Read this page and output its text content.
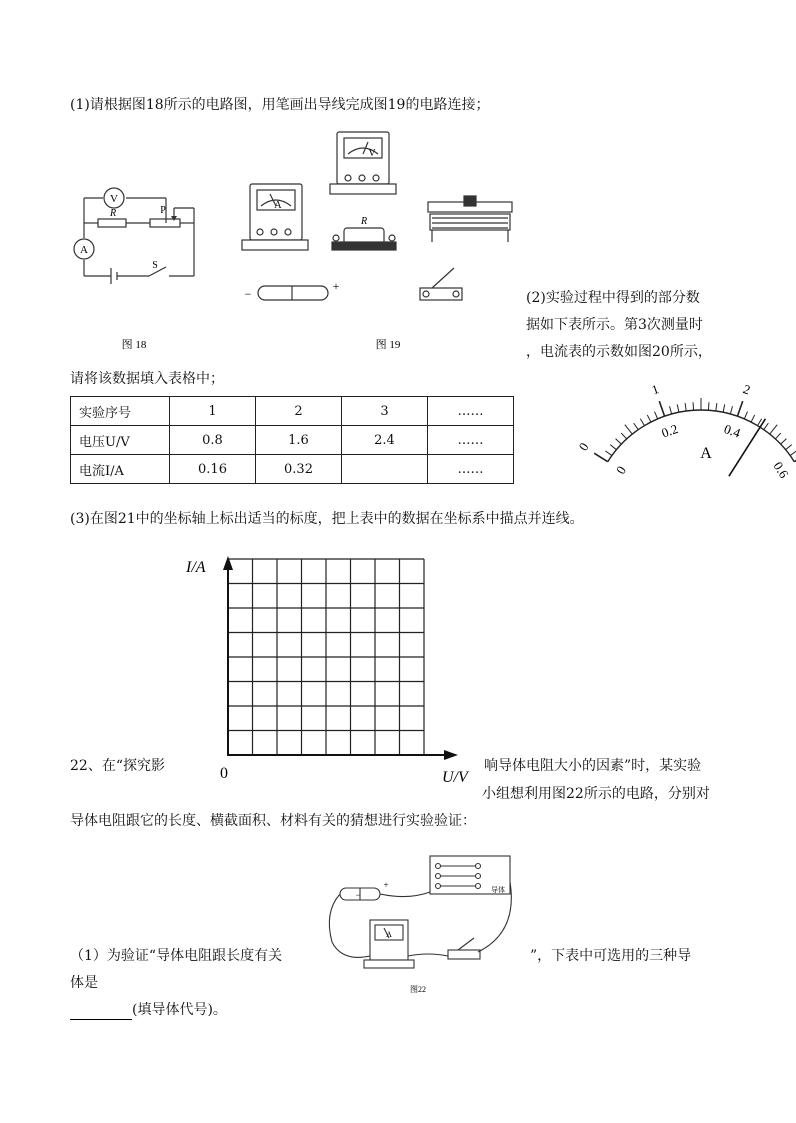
(1)请根据图18所示的电路图，用笔画出导线完成图19的电路连接；
V
A
R	P
S
图 18
V
A
R
−
+
图 19
(2)实验过程中得到的部分数
据如下表所示。第3次测量时
，电流表的示数如图20所示，
请将该数据填入表格中；
实验序号	1	2	3	……
电压U/V	0.8	1.6	2.4	……
电流I/A	0.16	0.32		……
0
1	2
0
0.2	0.4
0.6
A
(3)在图21中的坐标轴上标出适当的标度，把上表中的数据在坐标系中描点并连线。
I/A
U/V
0
22、在“探究影	响导体电阻大小的因素”时，某实验
小组想利用图22所示的电路，分别对
导体电阻跟它的长度、横截面积、材料有关的猜想进行实验验证：
−
+
A
导体
图22
（1）为验证“导体电阻跟长度有关	”，下表中可选用的三种导
体是
(填导体代号)。
